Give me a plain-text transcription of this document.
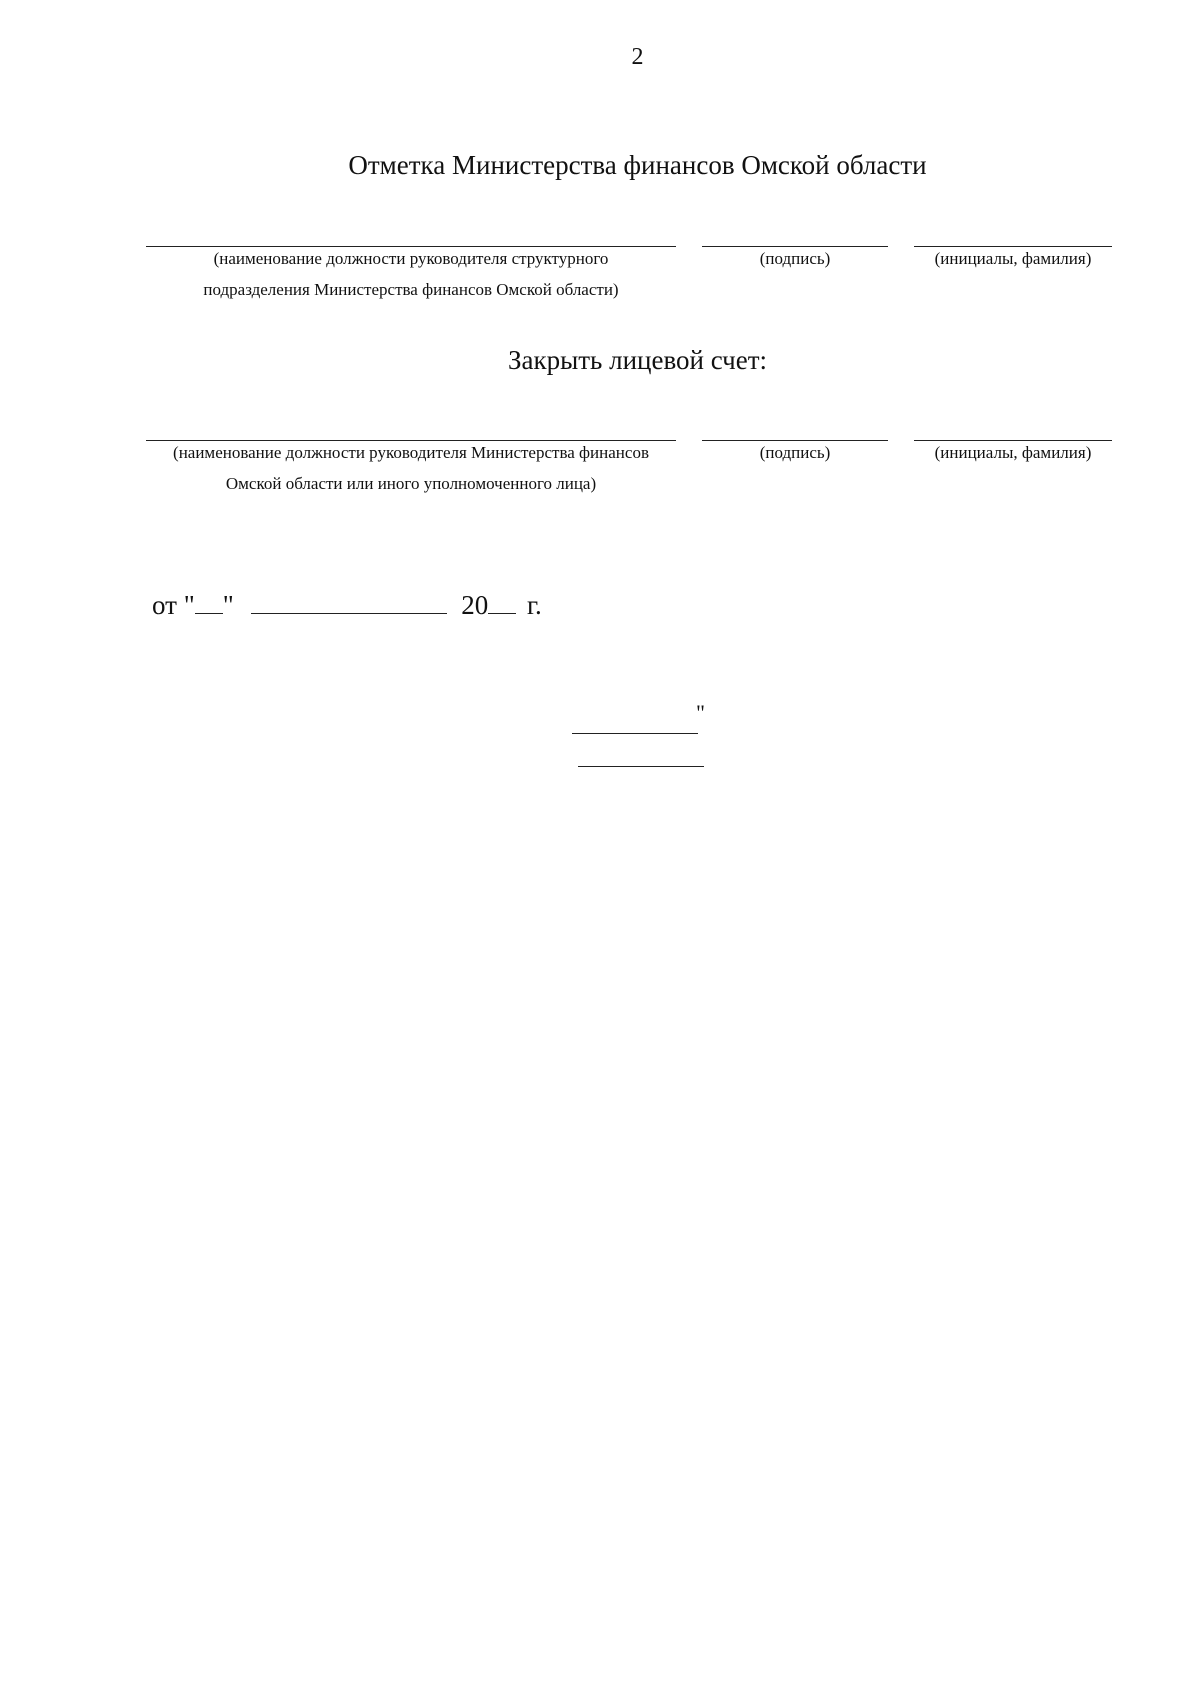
2
Отметка Министерства финансов Омской области
(наименование должности руководителя структурного
подразделения Министерства финансов Омской области)
(подпись)	(инициалы, фамилия)
Закрыть лицевой счет:
(наименование должности руководителя Министерства финансов
Омской области или иного уполномоченного лица)
(подпись)	(инициалы, фамилия)
от " "	20 г.
"
